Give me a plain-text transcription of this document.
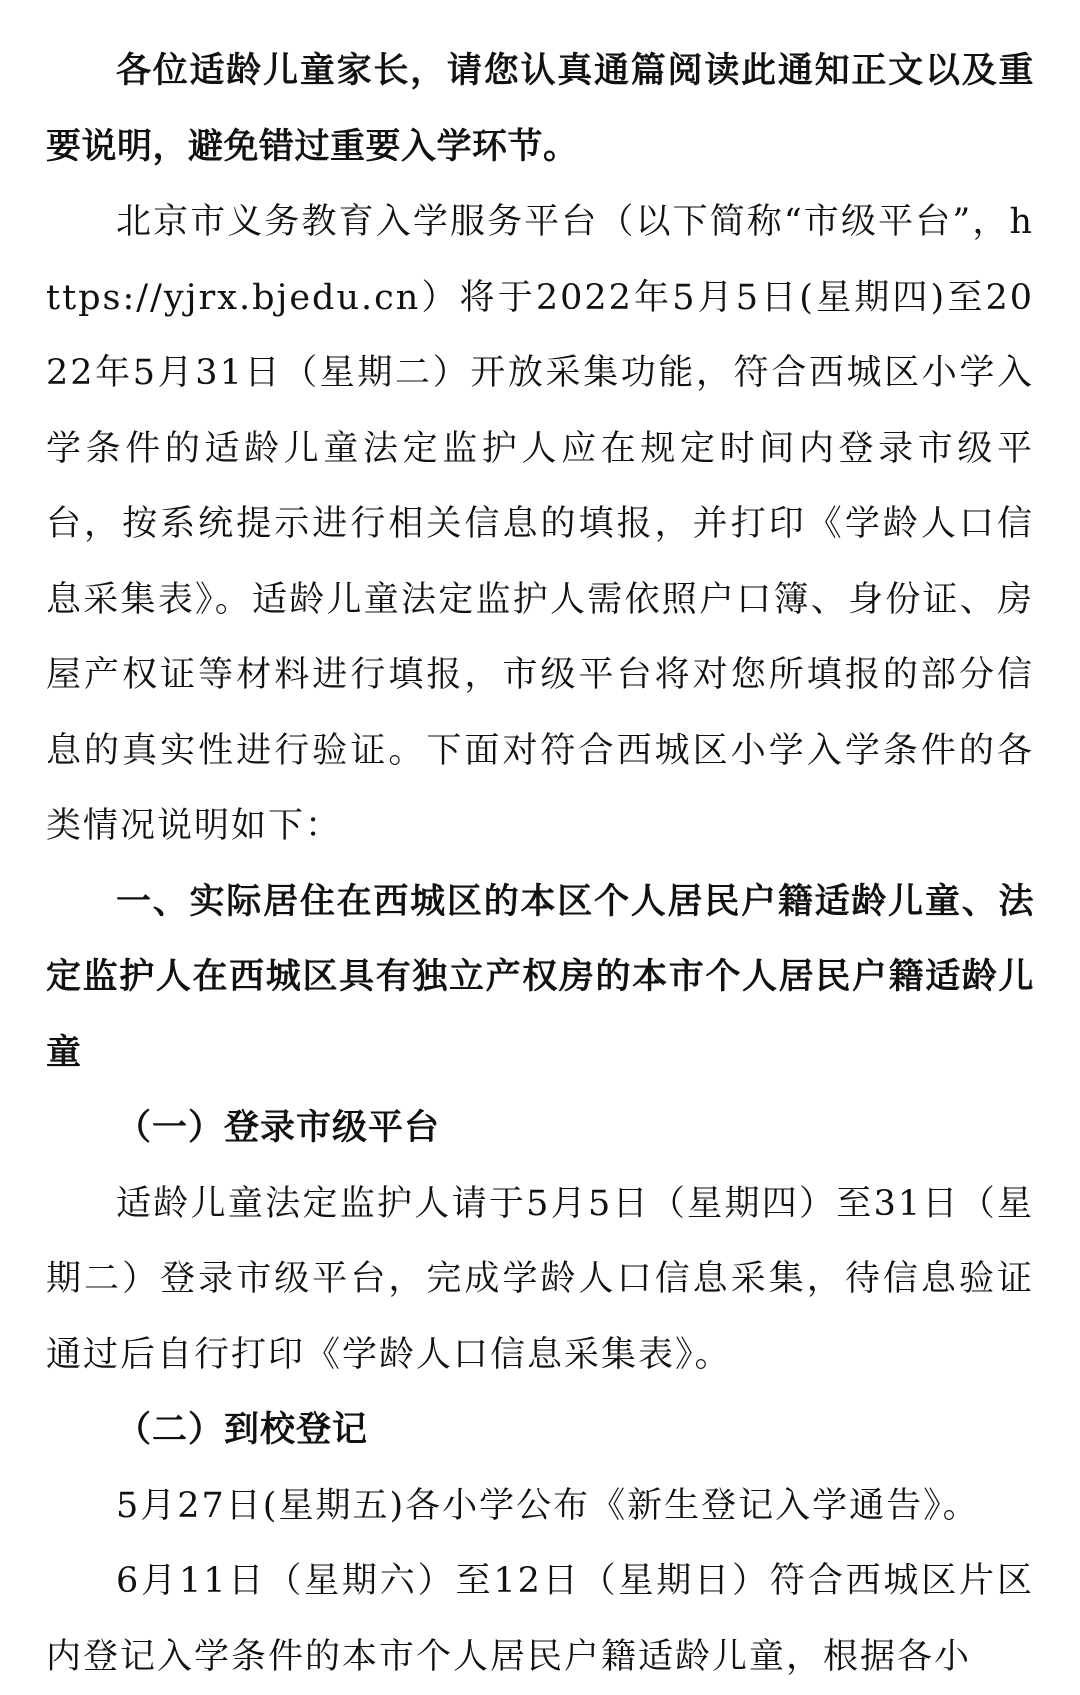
各位适龄儿童家长，请您认真通篇阅读此通知正文以及重要说明，避免错过重要入学环节。

北京市义务教育入学服务平台（以下简称“市级平台”，https://yjrx.bjedu.cn）将于2022年5月5日(星期四)至2022年5月31日（星期二）开放采集功能，符合西城区小学入学条件的适龄儿童法定监护人应在规定时间内登录市级平台，按系统提示进行相关信息的填报，并打印《学龄人口信息采集表》。适龄儿童法定监护人需依照户口簿、身份证、房屋产权证等材料进行填报，市级平台将对您所填报的部分信息的真实性进行验证。下面对符合西城区小学入学条件的各类情况说明如下：

一、实际居住在西城区的本区个人居民户籍适龄儿童、法定监护人在西城区具有独立产权房的本市个人居民户籍适龄儿童

（一）登录市级平台

适龄儿童法定监护人请于5月5日（星期四）至31日（星期二）登录市级平台，完成学龄人口信息采集，待信息验证通过后自行打印《学龄人口信息采集表》。

（二）到校登记

5月27日(星期五)各小学公布《新生登记入学通告》。

6月11日（星期六）至12日（星期日）符合西城区片区内登记入学条件的本市个人居民户籍适龄儿童，根据各小
